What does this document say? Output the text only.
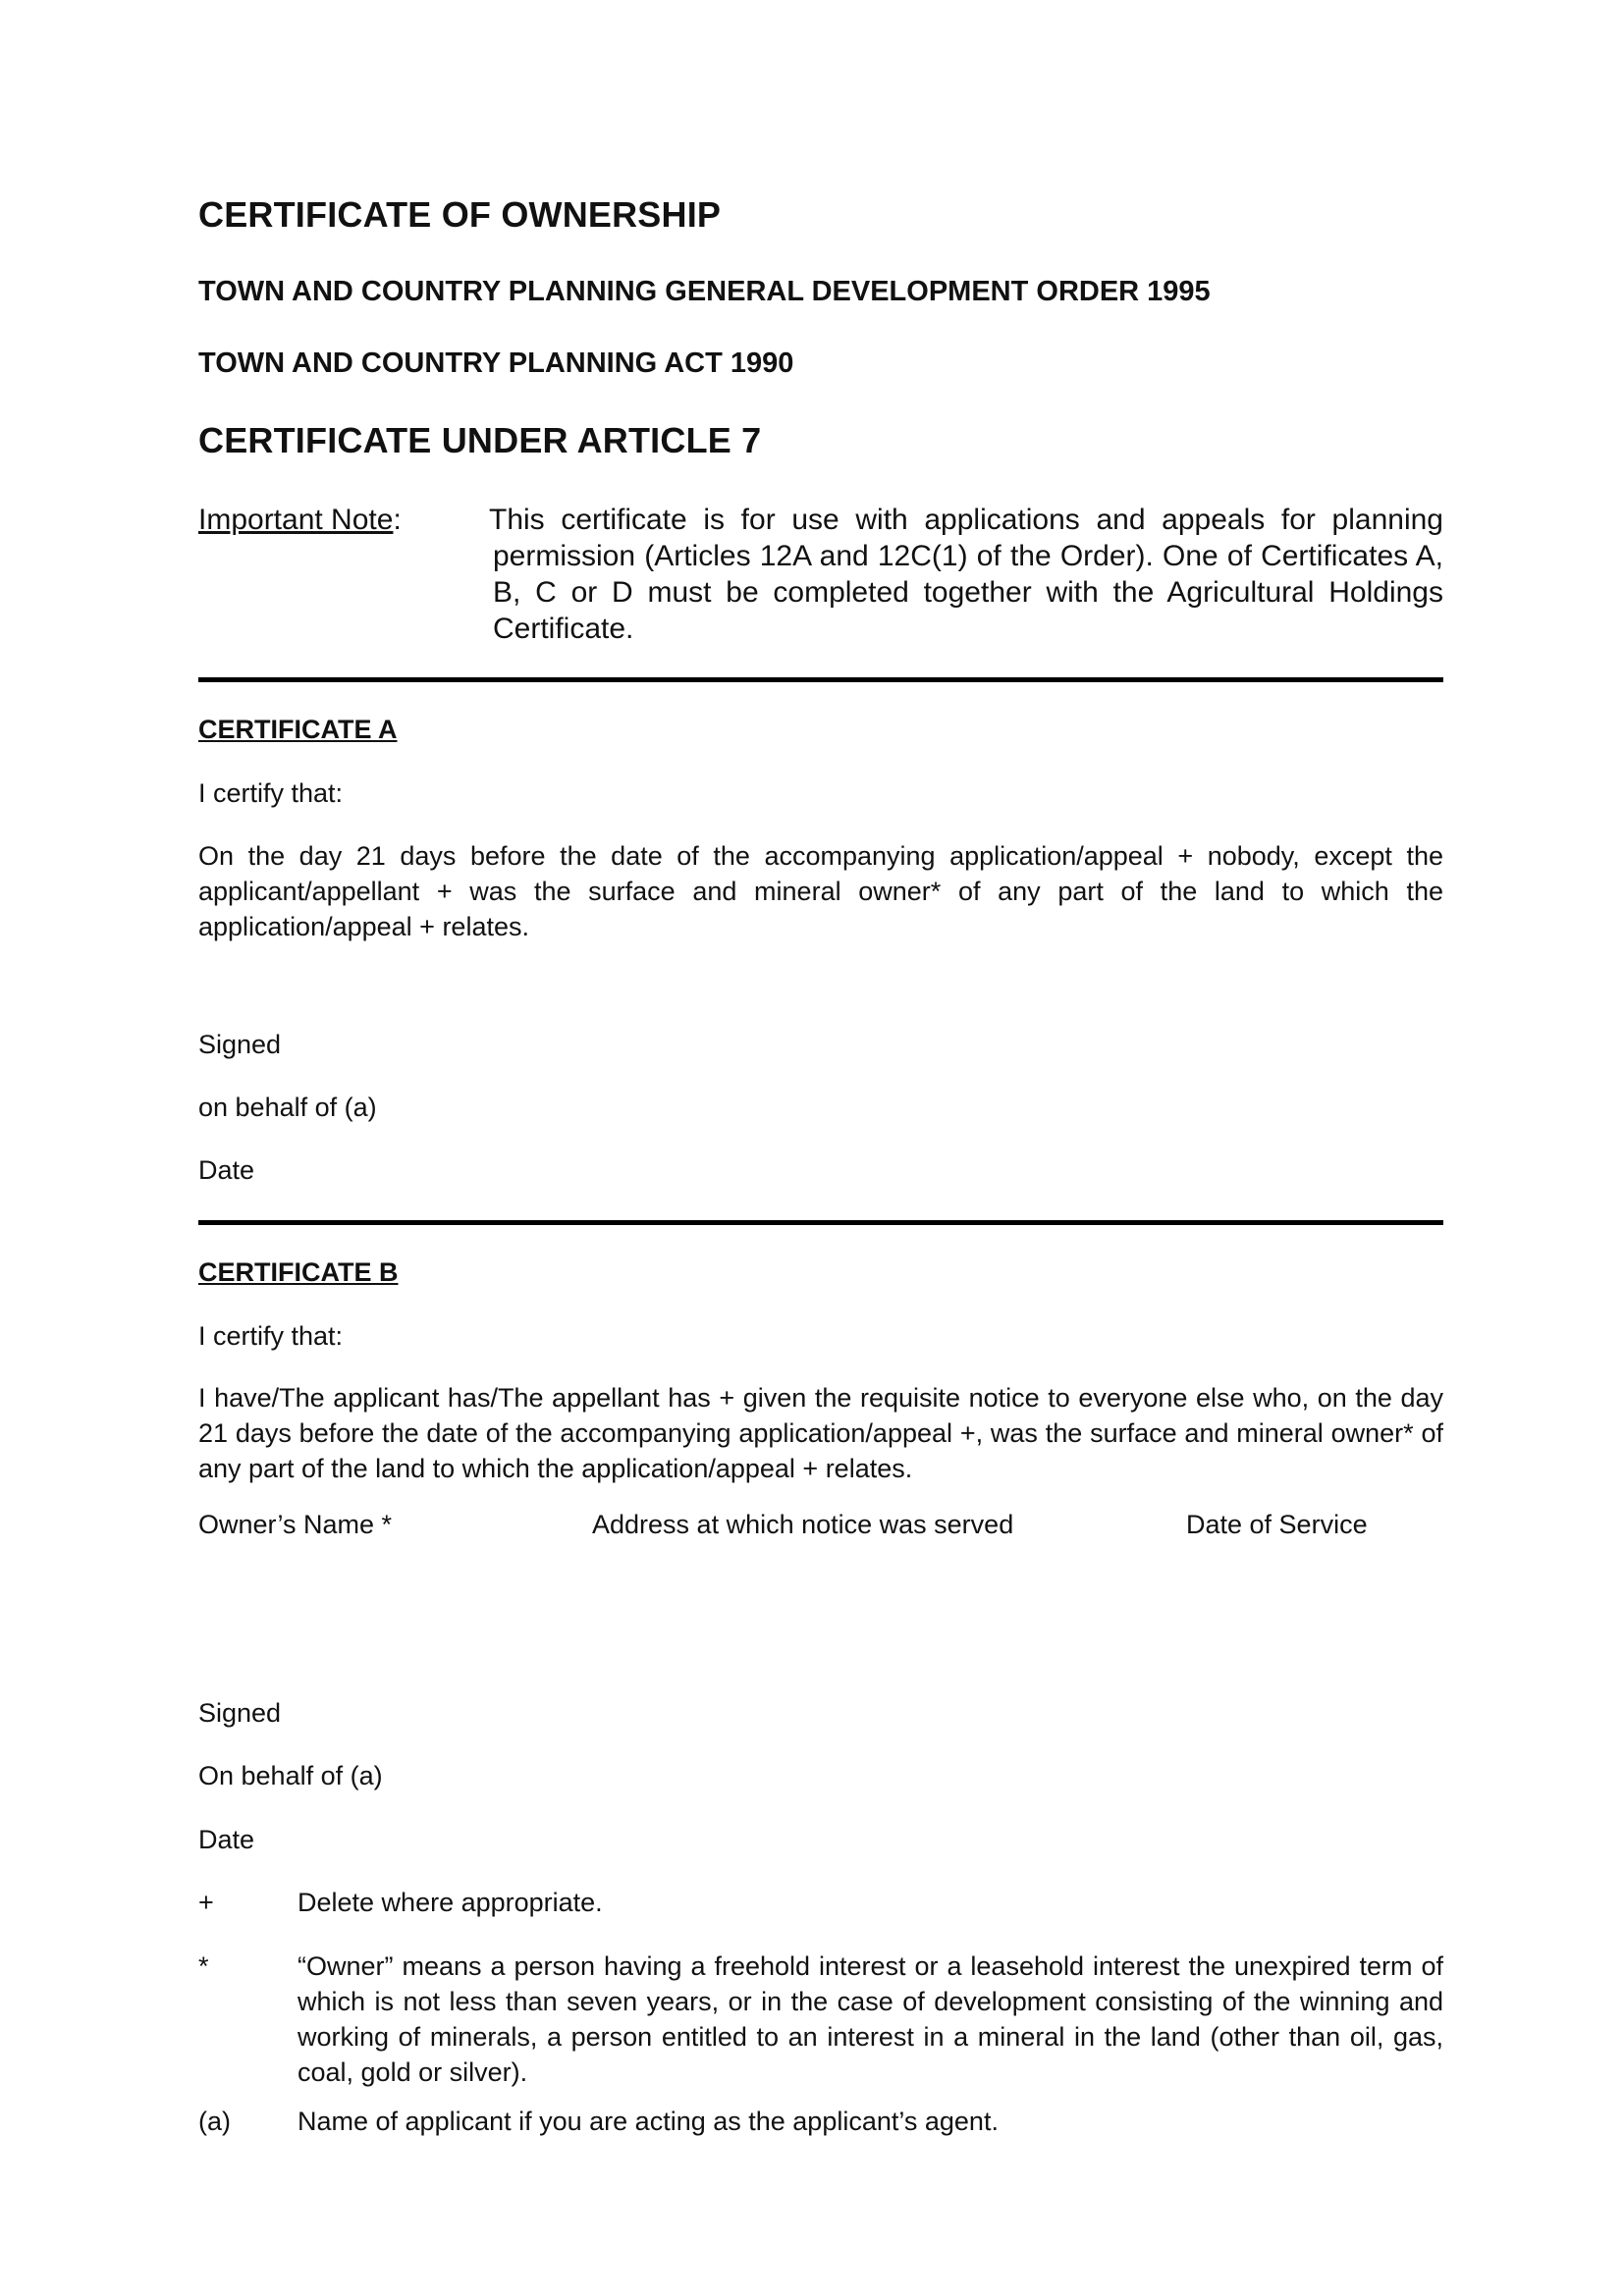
CERTIFICATE OF OWNERSHIP
TOWN AND COUNTRY PLANNING GENERAL DEVELOPMENT ORDER 1995
TOWN AND COUNTRY PLANNING ACT 1990
CERTIFICATE UNDER ARTICLE 7
Important Note:	This certificate is for use with applications and appeals for planning permission (Articles 12A and 12C(1) of the Order). One of Certificates A, B, C or D must be completed together with the Agricultural Holdings Certificate.
CERTIFICATE A
I certify that:
On the day 21 days before the date of the accompanying application/appeal + nobody, except the applicant/appellant + was the surface and mineral owner* of any part of the land to which the application/appeal + relates.
Signed
on behalf of (a)
Date
CERTIFICATE B
I certify that:
I have/The applicant has/The appellant has + given the requisite notice to everyone else who, on the day 21 days before the date of the accompanying application/appeal +, was the surface and mineral owner* of any part of the land to which the application/appeal + relates.
Owner’s Name *	Address at which notice was served	Date of Service
Signed
On behalf of (a)
Date
+	Delete where appropriate.
*	“Owner” means a person having a freehold interest or a leasehold interest the unexpired term of which is not less than seven years, or in the case of development consisting of the winning and working of minerals, a person entitled to an interest in a mineral in the land (other than oil, gas, coal, gold or silver).
(a)	Name of applicant if you are acting as the applicant’s agent.
